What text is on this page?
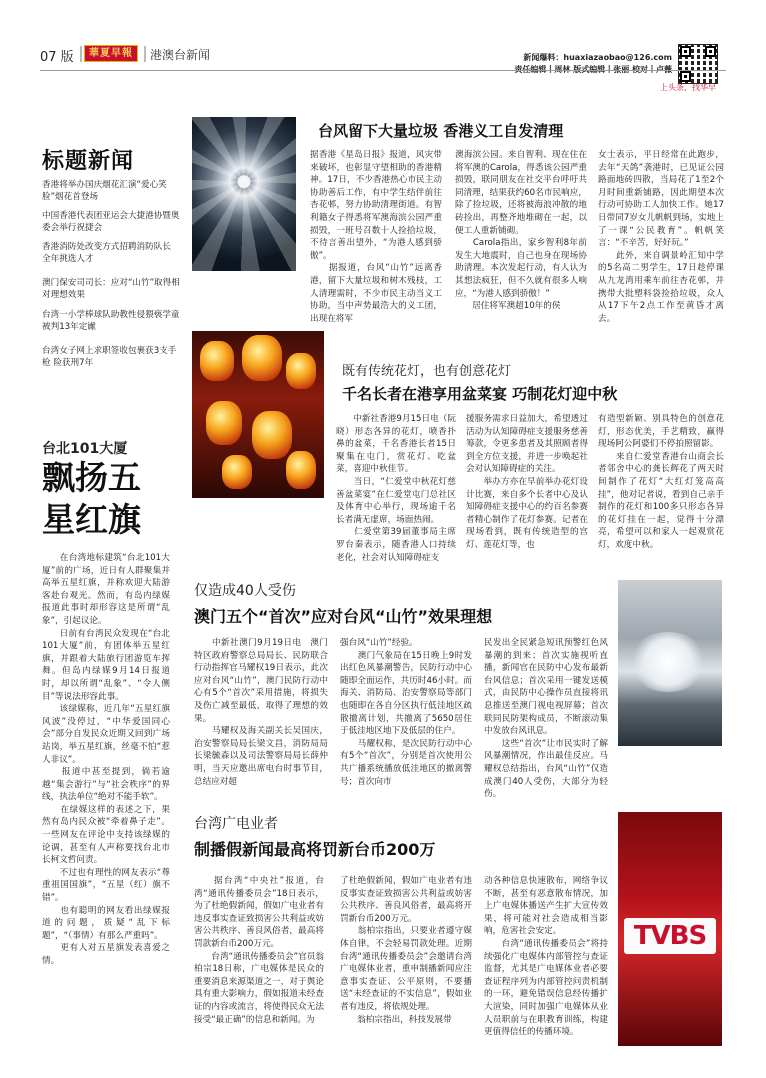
07 版	華夏早報	港澳台新闻	新闻爆料：huaxiazaobao@126.com
上头条，找华早
标题新闻
香港将举办国庆烟花汇演“爱心笑脸”烟花首登场
中国香港代表团亚运会大捷港协暨奥委会举行祝捷会
香港消防处改变方式招聘消防队长 全年挑选人才
澳门保安司司长：应对“山竹”取得相对理想效果
台湾一小学棒球队助教性侵猥亵学童被判13年定谳
台湾女子网上求职签收包裹获3支手枪 险获刑7年
台风留下大量垃圾 香港义工自发清理
据香港《星岛日报》报道，风灾带来破坏，也彰显守望相助的香港精神。17日，不少香港热心市民主动协助善后工作，有中学生结伴前往杏花邨，努力协助清理街道。有智利籍女子得悉将军澳海滨公园严重损毁，一班号召数十人捡拾垃圾，不待言善出望外，“为港人感到骄傲”。
　　据报道，台风“山竹”远离香港，留下大量垃圾和树木残枝，工人清理需时，不少市民主动当义工协助，当中声势最浩大的义工团，出现在将军
澳海滨公园。来自智利、现在住在将军澳的Carola，得悉该公园严重损毁，联同朋友在社交平台呼吁共同清理，结果获约60名市民响应，除了捡垃圾，还将被海浪冲散的地砖捡出，再整齐地堆砌在一起，以便工人重新铺砌。
　　Carola指出，家乡智利8年前发生大地震时，自己也身在现场协助清理。本次发起行动，有人认为其想法疯狂，但不久就有很多人响应，“为港人感到骄傲！”
　　居住将军澳超10年的侯
女士表示，平日经常在此跑步，去年“天鸽”袭港时，已见证公园路面地砖四散，当局花了1至2个月时间重新铺路，因此期望本次行动可协助工人加快工作。她17日带同7岁女儿帆帆到场，实地上了一课“公民教育”。帆帆笑言：“不辛苦，好好玩。”
　　此外，来自调景岭汇知中学的5名高二男学生，17日趁停课从九龙湾用乘车前往杏花邨，并携带大批塑料袋捡拾垃圾，众人从17下午2点工作至黄昏才离去。
既有传统花灯，也有创意花灯
千名长者在港享用盆菜宴 巧制花灯迎中秋
　　中新社香港9月15日电（阮晓）形态各异的花灯，喷香扑鼻的盆菜，千名香港长者15日聚集在屯门，赏花灯、吃盆菜，喜迎中秋佳节。
　　当日，“仁爱堂中秋花灯慈善盆菜宴”在仁爱堂屯门总社区及体育中心举行，现场逾千名长者满无虚席，场面热闹。
　　仁爱堂第39届董事局主席罗台秦表示，随香港人口持续老化，社会对认知障碍症支
援服务需求日益加大，希望透过活动为认知障碍症支援服务慈善筹款，令更多患者及其照顾者得到全方位支援，并进一步唤起社会对认知障碍症的关注。
　　举办方亦在早前举办花灯设计比赛，来自多个长者中心及认知障碍症支援中心的约百名参赛者精心制作了花灯参赛。记者在现场看到，既有传统造型的宫灯、莲花灯等，也
有造型新颖、别具特色的创意花灯，形态优美，手艺精致，赢得现场阿公阿婆们不停拍照留影。
　　来自仁爱堂香港台山商会长者邻舍中心的龚长辉花了两天时间制作了花灯“大红灯笼高高挂”，他对记者说，看到自己亲手制作的花灯和100多只形态各异的花灯挂在一起，觉得十分漂亮，希望可以和家人一起观赏花灯，欢度中秋。
台北101大厦
飘扬五
星红旗
　　在台湾地标建筑“台北101大厦”前的广场，近日有人群聚集并高举五星红旗，并称欢迎大陆游客赴台观光。然而，有岛内绿媒报道此事时却形容这是所谓“乱象”，引起议论。
　　日前有台湾民众发现在“台北101大厦”前，有团体举五星红旗，并跟着大陆旅行团游览车挥舞。但岛内绿媒9月14日报道时，却以所谓“乱象”、“令人侧目”等说法形容此事。
　　该绿媒称，近几年“五星红旗风波”没停过，“中华爱国同心会”部分自发民众近期又回到广场站岗，举五星红旗，丝毫不怕“惹人非议”。
　　报道中甚至提到，倘若逾越“集会游行”与“社会秩序”的界线，执法单位“绝对不能手软”。
　　在绿媒这样的表述之下，果然有岛内民众被“牵着鼻子走”。一些网友在评论中支持该绿媒的论调，甚至有人声称要找台北市长柯文哲问责。
　　不过也有理性的网友表示“尊重祖国国旗”，“五星（红）旗不错”。
　　也有聪明的网友看出绿媒报道的问题，质疑“乱下标题”，“（事情）有那么严重吗”。
　　更有人对五星旗发表喜爱之情。
仅造成40人受伤
澳门五个“首次”应对台风“山竹”效果理想
　　中新社澳门9月19日电　澳门特区政府警察总局局长、民防联合行动指挥官马耀权19日表示，此次应对台风“山竹”，澳门民防行动中心有5个“首次”采用措施，将损失及伤亡减至最低，取得了理想的效果。
　　马耀权及海关副关长吴国庆，治安警察局局长梁文昌，消防局局长梁毓森以及司法警察局局长薛仲明，当天应邀出席电台时事节目，总结应对超
强台风“山竹”经验。
　　澳门气象局在15日晚上9时发出红色风暴潮警告，民防行动中心随即全面运作，共历时46小时。而海关、消防局、治安警察局等部门也随即在各自分区执行低洼地区疏散撤离计划，共撤离了5650居住于低洼地区地下及低层的住户。
　　马耀权称，是次民防行动中心有5个“首次”，分别是首次使用公共广播系统播放低洼地区的撤离警号；首次向市
民发出全民紧急短讯预警红色风暴潮的到来；首次实施视听直播，新闻官在民防中心发布最新台风信息；首次采用一键发送模式，由民防中心操作员直接将讯息推送至澳门视电视屏幕；首次联同民防架构成员，不断滚动集中发放台风讯息。
　　这些“首次”让市民实时了解风暴潮情况，作出最佳反应。马耀权总结指出，台风“山竹”仅造成澳门40人受伤，大部分为轻伤。
台湾广电业者
制播假新闻最高将罚新台币200万
　　据台湾“中央社”报道，台湾“通讯传播委员会”18日表示，为了杜绝假新闻，假如广电业者有违反事实查证致损害公共利益或妨害公共秩序、善良风俗者，最高将罚款新台币200万元。
　　台湾“通讯传播委员会”官员翁柏宗18日称，广电媒体是民众的重要消息来源渠道之一，对于舆论具有重大影响力，假如报道未经查证的内容或流言，将使得民众无法接受“最正确”的信息和新闻。为
了杜绝假新闻，假如广电业者有违反事实查证致损害公共利益或妨害公共秩序、善良风俗者，最高将开罚新台币200万元。
　　翁柏宗指出，只要业者遵守媒体自律，不会轻易罚款处理。近期台湾“通讯传播委员会”会邀请台湾广电媒体业者，重申制播新闻应注意事实查证、公平原则，不要播送“未经查证的不实信息”，假如业者有违反，将依规处理。
　　翁柏宗指出，科技发展带
动各种信息快速散布，网络争议不断，甚至有恶意散布情况，加上广电媒体播送产生扩大宣传效果，将可能对社会造成相当影响，危害社会安定。
　　台湾“通讯传播委员会”将持续强化广电媒体内部管控与查证监督，尤其是广电媒体业者必要查证程序列为内部管控问责机制的一环，避免错误信息经传播扩大渲染，同时加强广电媒体从业人员职前与在职教育训练，构建更值得信任的传播环境。
TVBS
